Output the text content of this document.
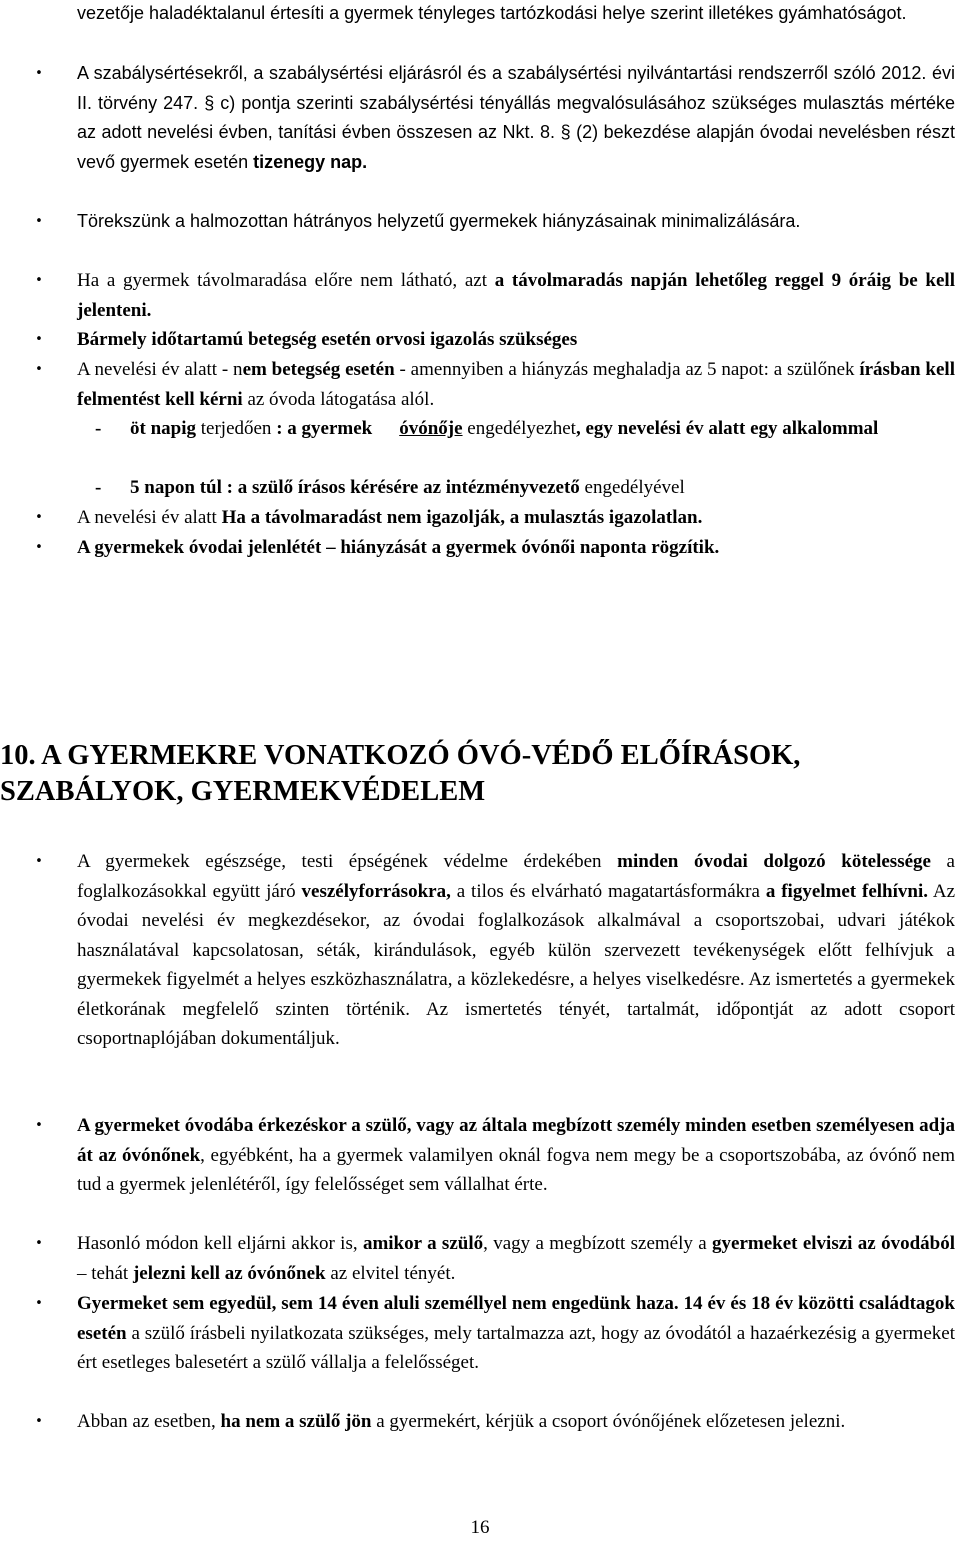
vezetője haladéktalanul értesíti a gyermek tényleges tartózkodási helye szerint illetékes gyámhatóságot.

• A szabálysértésekről, a szabálysértési eljárásról és a szabálysértési nyilvántartási rendszerről szóló 2012. évi II. törvény 247. § c) pontja szerinti szabálysértési tényállás megvalósulásához szükséges mulasztás mértéke az adott nevelési évben, tanítási évben összesen az Nkt. 8. § (2) bekezdése alapján óvodai nevelésben részt vevő gyermek esetén tizenegy nap.

• Törekszünk a halmozottan hátrányos helyzetű gyermekek hiányzásainak minimalizálására.

• Ha a gyermek távolmaradása előre nem látható, azt a távolmaradás napján lehetőleg reggel 9 óráig be kell jelenteni.

• Bármely időtartamú betegség esetén orvosi igazolás szükséges

• A nevelési év alatt - nem betegség esetén - amennyiben a hiányzás meghaladja az 5 napot: a szülőnek írásban kell felmentést kell kérni az óvoda látogatása alól.

- öt napig terjedően : a gyermek óvónője engedélyezhet, egy nevelési év alatt egy alkalommal

- 5 napon túl : a szülő írásos kérésére az intézményvezető engedélyével

• A nevelési év alatt Ha a távolmaradást nem igazolják, a mulasztás igazolatlan.

• A gyermekek óvodai jelenlétét – hiányzását a gyermek óvónői naponta rögzítik.

10. A GYERMEKRE VONATKOZÓ ÓVÓ-VÉDŐ ELŐÍRÁSOK,
SZABÁLYOK, GYERMEKVÉDELEM

• A gyermekek egészsége, testi épségének védelme érdekében minden óvodai dolgozó kötelessége a foglalkozásokkal együtt járó veszélyforrásokra, a tilos és elvárható magatartásformákra a figyelmet felhívni. Az óvodai nevelési év megkezdésekor, az óvodai foglalkozások alkalmával a csoportszobai, udvari játékok használatával kapcsolatosan, séták, kirándulások, egyéb külön szervezett tevékenységek előtt felhívjuk a gyermekek figyelmét a helyes eszközhasználatra, a közlekedésre, a helyes viselkedésre. Az ismertetés a gyermekek életkorának megfelelő szinten történik. Az ismertetés tényét, tartalmát, időpontját az adott csoport csoportnaplójában dokumentáljuk.

• A gyermeket óvodába érkezéskor a szülő, vagy az általa megbízott személy minden esetben személyesen adja át az óvónőnek, egyébként, ha a gyermek valamilyen oknál fogva nem megy be a csoportszobába, az óvónő nem tud a gyermek jelenlétéről, így felelősséget sem vállalhat érte.

• Hasonló módon kell eljárni akkor is, amikor a szülő, vagy a megbízott személy a gyermeket elviszi az óvodából – tehát jelezni kell az óvónőnek az elvitel tényét.

• Gyermeket sem egyedül, sem 14 éven aluli személlyel nem engedünk haza. 14 év és 18 év közötti családtagok esetén a szülő írásbeli nyilatkozata szükséges, mely tartalmazza azt, hogy az óvodától a hazaérkezésig a gyermeket ért esetleges balesetért a szülő vállalja a felelősséget.

• Abban az esetben, ha nem a szülő jön a gyermekért, kérjük a csoport óvónőjének előzetesen jelezni.

16
